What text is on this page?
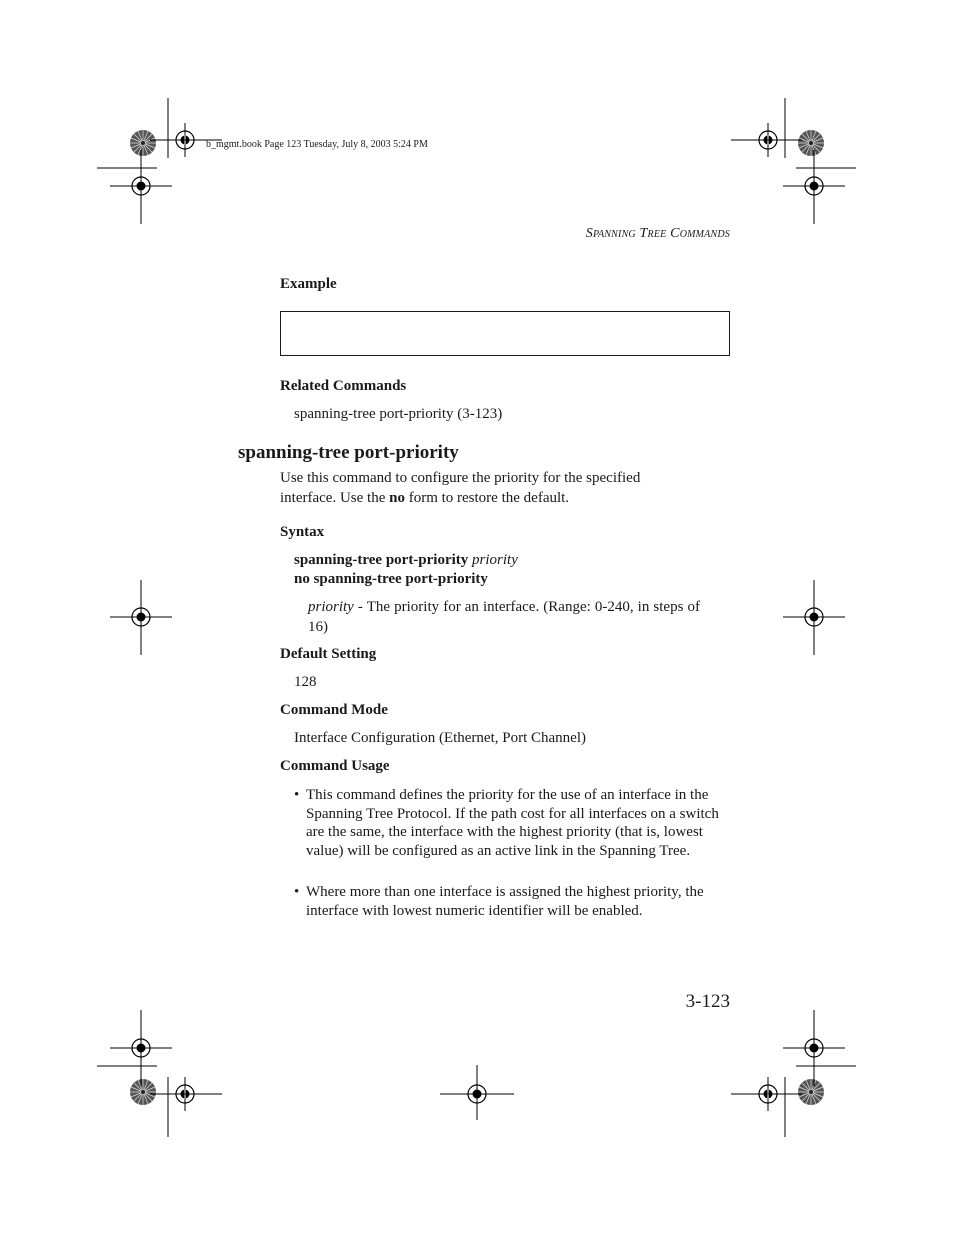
b_mgmt.book Page 123 Tuesday, July 8, 2003 5:24 PM
Spanning Tree Commands
Example
Related Commands
spanning-tree port-priority (3-123)
spanning-tree port-priority
Use this command to configure the priority for the specified interface. Use the no form to restore the default.
Syntax
spanning-tree port-priority priority
no spanning-tree port-priority
priority - The priority for an interface. (Range: 0-240, in steps of 16)
Default Setting
128
Command Mode
Interface Configuration (Ethernet, Port Channel)
Command Usage
• This command defines the priority for the use of an interface in the Spanning Tree Protocol. If the path cost for all interfaces on a switch are the same, the interface with the highest priority (that is, lowest value) will be configured as an active link in the Spanning Tree.
• Where more than one interface is assigned the highest priority, the interface with lowest numeric identifier will be enabled.
3-123
